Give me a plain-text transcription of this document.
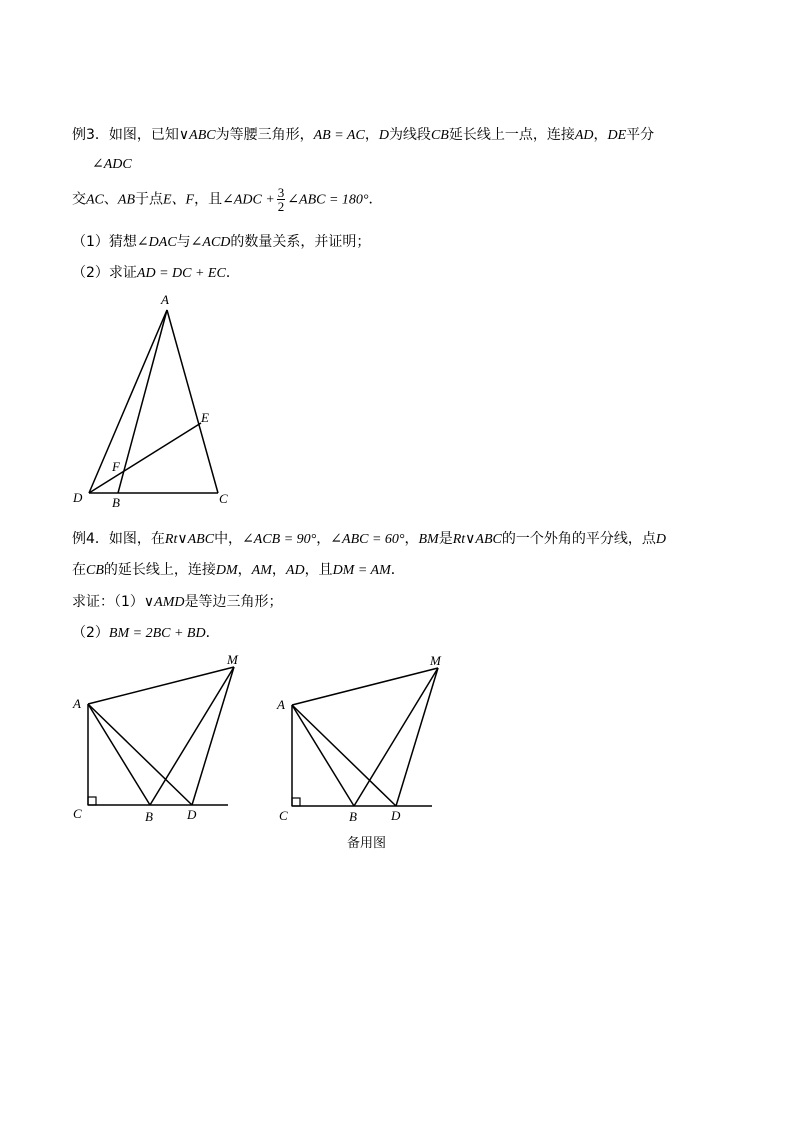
例3．如图，已知∨ABC为等腰三角形，AB = AC，D为线段CB延长线上一点，连接AD，DE平分
∠ADC
交AC、AB于点E、F，且∠ADC + $\frac{3}{2}$ ∠ABC = 180°．
（1）猜想∠DAC与∠ACD的数量关系，并证明；
（2）求证AD = DC + EC．
A
E
F
D B	C
例4．如图，在Rt∨ABC中，∠ACB = 90°，∠ABC = 60°，BM是Rt∨ABC的一个外角的平分线，点D
在CB的延长线上，连接DM，AM，AD，且DM = AM．
求证：（1）∨AMD是等边三角形；
（2）BM = 2BC + BD．
M
A
C	B	D
M
A
C	B	D
备用图
